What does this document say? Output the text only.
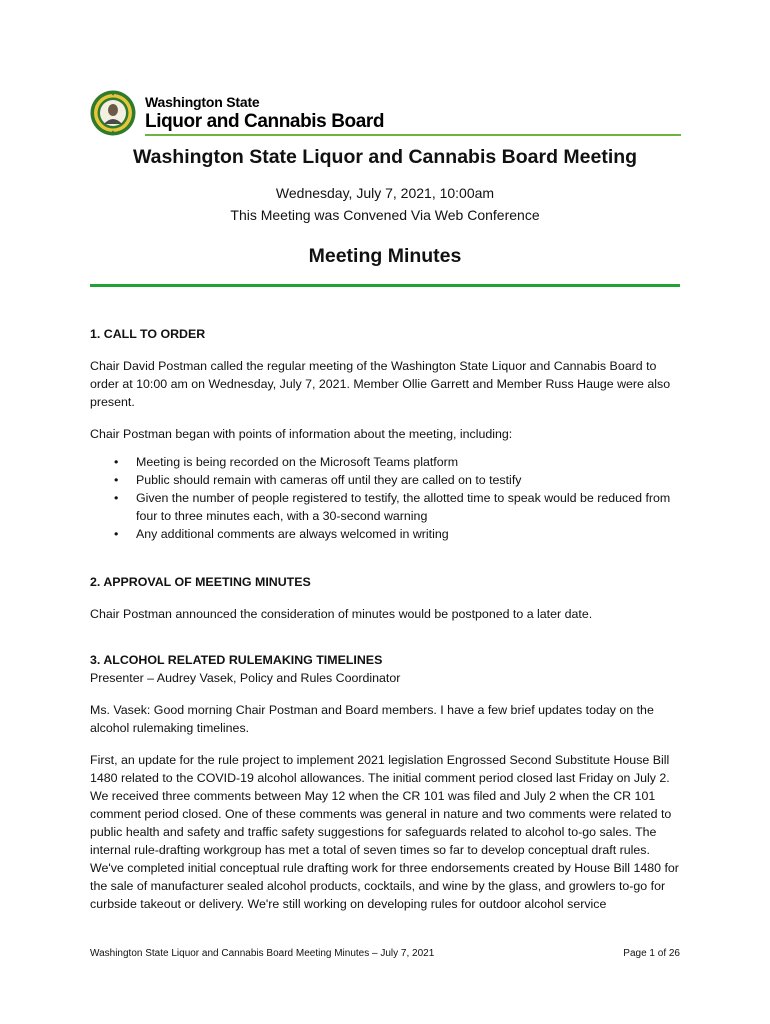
Washington State
Liquor and Cannabis Board
Washington State Liquor and Cannabis Board Meeting
Wednesday, July 7, 2021, 10:00am
This Meeting was Convened Via Web Conference
Meeting Minutes

1. CALL TO ORDER

Chair David Postman called the regular meeting of the Washington State Liquor and Cannabis Board to order at 10:00 am on Wednesday, July 7, 2021. Member Ollie Garrett and Member Russ Hauge were also present.

Chair Postman began with points of information about the meeting, including:

• Meeting is being recorded on the Microsoft Teams platform
• Public should remain with cameras off until they are called on to testify
• Given the number of people registered to testify, the allotted time to speak would be reduced from four to three minutes each, with a 30-second warning
• Any additional comments are always welcomed in writing

2. APPROVAL OF MEETING MINUTES

Chair Postman announced the consideration of minutes would be postponed to a later date.

3. ALCOHOL RELATED RULEMAKING TIMELINES

Presenter – Audrey Vasek, Policy and Rules Coordinator

Ms. Vasek: Good morning Chair Postman and Board members. I have a few brief updates today on the alcohol rulemaking timelines.

First, an update for the rule project to implement 2021 legislation Engrossed Second Substitute House Bill 1480 related to the COVID-19 alcohol allowances. The initial comment period closed last Friday on July 2. We received three comments between May 12 when the CR 101 was filed and July 2 when the CR 101 comment period closed. One of these comments was general in nature and two comments were related to public health and safety and traffic safety suggestions for safeguards related to alcohol to-go sales. The internal rule-drafting workgroup has met a total of seven times so far to develop conceptual draft rules. We've completed initial conceptual rule drafting work for three endorsements created by House Bill 1480 for the sale of manufacturer sealed alcohol products, cocktails, and wine by the glass, and growlers to-go for curbside takeout or delivery. We're still working on developing rules for outdoor alcohol service

Washington State Liquor and Cannabis Board Meeting Minutes – July 7, 2021	Page 1 of 26
